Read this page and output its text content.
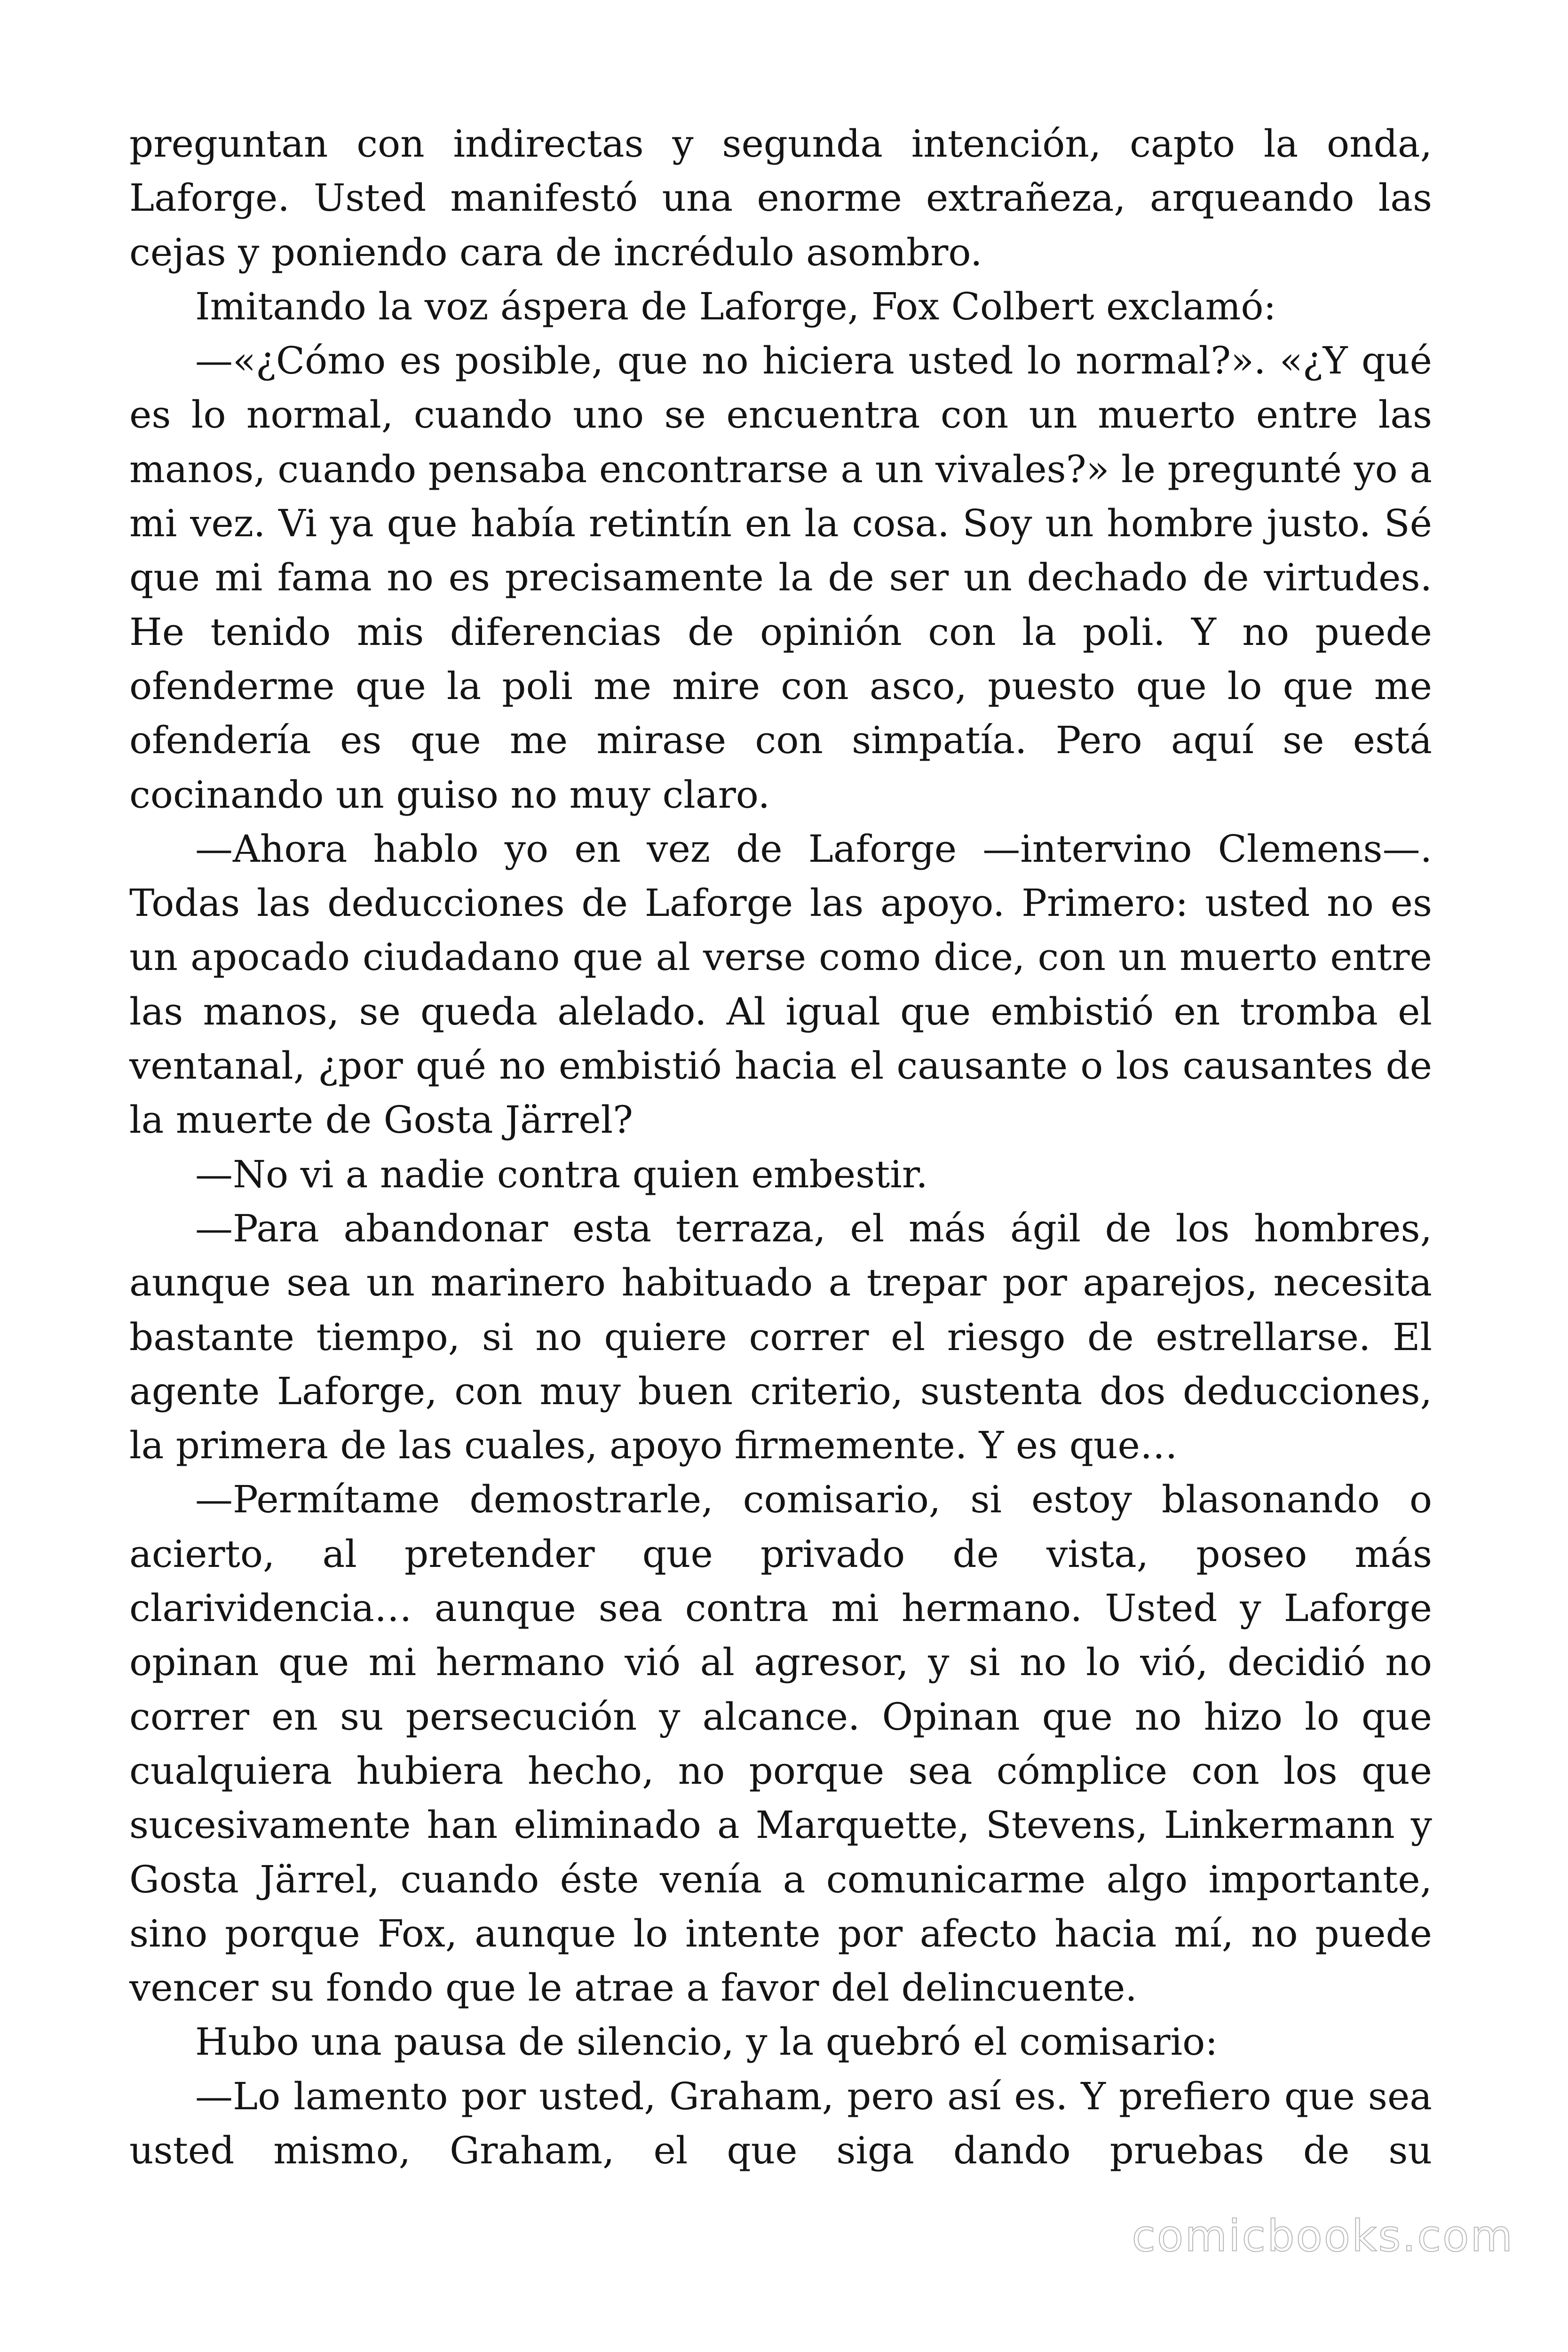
preguntan con indirectas y segunda intención, capto la onda, Laforge. Usted manifestó una enorme extrañeza, arqueando las cejas y poniendo cara de incrédulo asombro.

Imitando la voz áspera de Laforge, Fox Colbert exclamó:

—«¿Cómo es posible, que no hiciera usted lo normal?». «¿Y qué es lo normal, cuando uno se encuentra con un muerto entre las manos, cuando pensaba encontrarse a un vivales?» le pregunté yo a mi vez. Vi ya que había retintín en la cosa. Soy un hombre justo. Sé que mi fama no es precisamente la de ser un dechado de virtudes. He tenido mis diferencias de opinión con la poli. Y no puede ofenderme que la poli me mire con asco, puesto que lo que me ofendería es que me mirase con simpatía. Pero aquí se está cocinando un guiso no muy claro.

—Ahora hablo yo en vez de Laforge —intervino Clemens—. Todas las deducciones de Laforge las apoyo. Primero: usted no es un apocado ciudadano que al verse como dice, con un muerto entre las manos, se queda alelado. Al igual que embistió en tromba el ventanal, ¿por qué no embistió hacia el causante o los causantes de la muerte de Gosta Järrel?

—No vi a nadie contra quien embestir.

—Para abandonar esta terraza, el más ágil de los hombres, aunque sea un marinero habituado a trepar por aparejos, necesita bastante tiempo, si no quiere correr el riesgo de estrellarse. El agente Laforge, con muy buen criterio, sustenta dos deducciones, la primera de las cuales, apoyo firmemente. Y es que…

—Permítame demostrarle, comisario, si estoy blasonando o acierto, al pretender que privado de vista, poseo más clarividencia… aunque sea contra mi hermano. Usted y Laforge opinan que mi hermano vió al agresor, y si no lo vió, decidió no correr en su persecución y alcance. Opinan que no hizo lo que cualquiera hubiera hecho, no porque sea cómplice con los que sucesivamente han eliminado a Marquette, Stevens, Linkermann y Gosta Järrel, cuando éste venía a comunicarme algo importante, sino porque Fox, aunque lo intente por afecto hacia mí, no puede vencer su fondo que le atrae a favor del delincuente.

Hubo una pausa de silencio, y la quebró el comisario:

—Lo lamento por usted, Graham, pero así es. Y prefiero que sea usted mismo, Graham, el que siga dando pruebas de su

comicbooks.com
